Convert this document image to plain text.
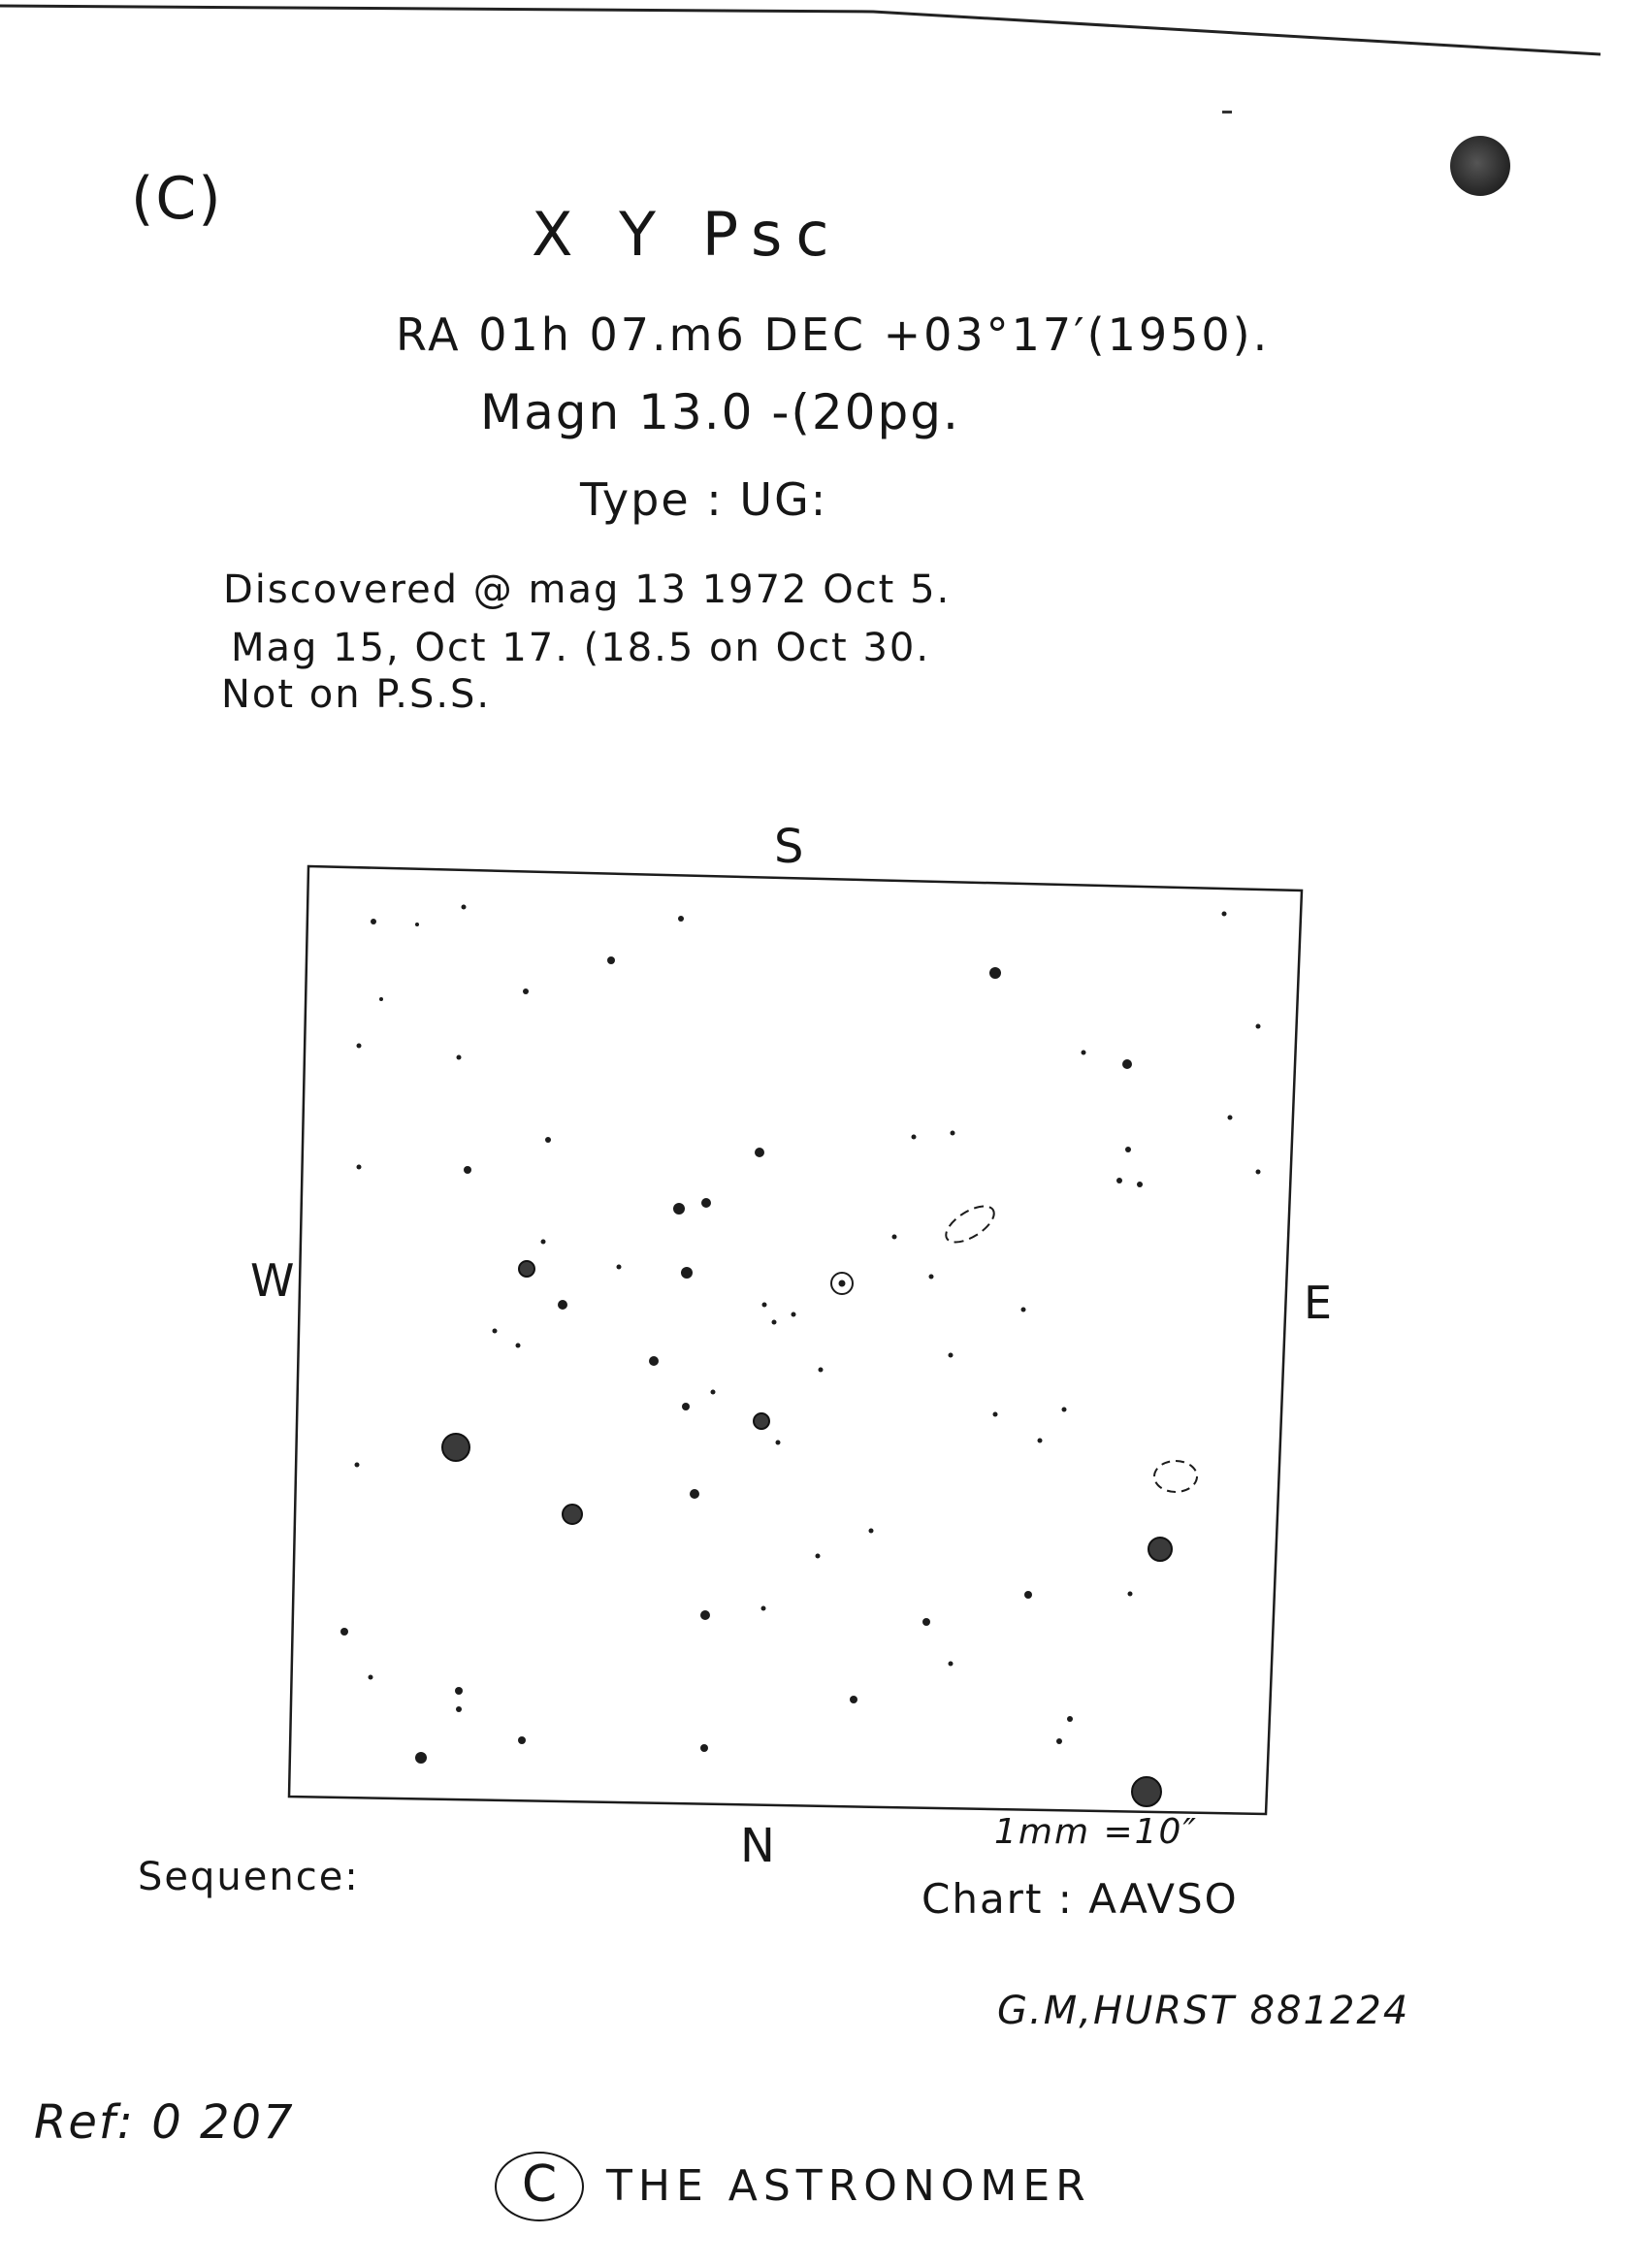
(C)	X Y Psc
RA 01h 07.m6 DEC +03°17′(1950).
Magn 13.0 -(20pg.
Type : UG:
Discovered @ mag 13 1972 Oct 5.
Mag 15, Oct 17. (18.5 on Oct 30.
Not on P.S.S.
S
W	E
N	1mm =10″
Chart : AAVSO
Sequence:
G.M,HURST 881224
Ref: 0 207
C	THE ASTRONOMER
